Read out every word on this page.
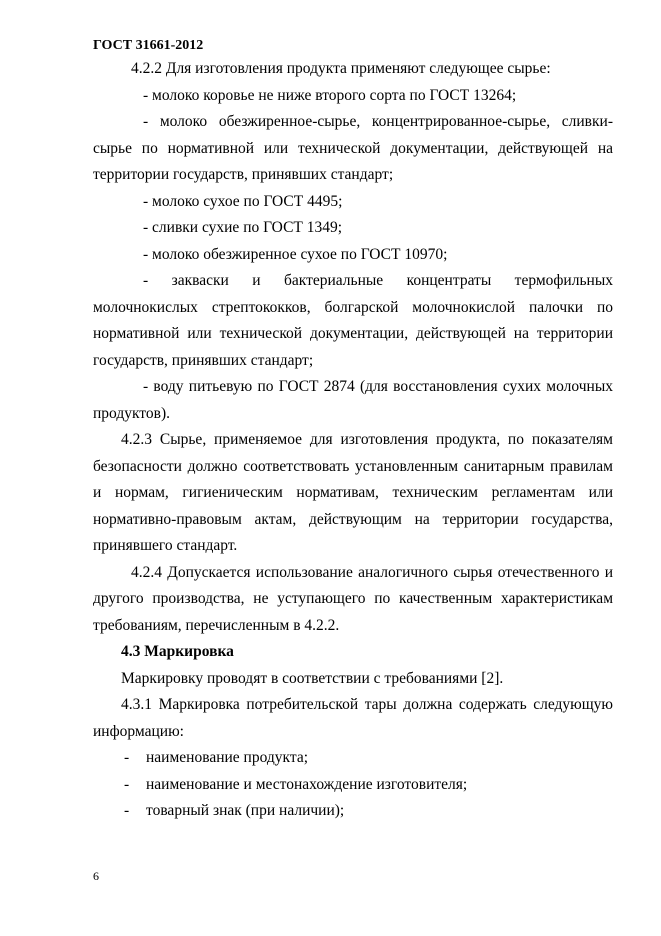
ГОСТ 31661-2012

4.2.2 Для изготовления продукта применяют следующее сырье:

- молоко коровье не ниже второго сорта по ГОСТ 13264;

- молоко обезжиренное-сырье, концентрированное-сырье, сливки-сырье по нормативной или технической документации, действующей на территории государств, принявших стандарт;

- молоко сухое по ГОСТ 4495;

- сливки сухие по ГОСТ 1349;

- молоко обезжиренное сухое по ГОСТ 10970;

- закваски и бактериальные концентраты термофильных молочнокислых стрептококков, болгарской молочнокислой палочки по нормативной или технической документации, действующей на территории государств, принявших стандарт;

- воду питьевую по ГОСТ 2874 (для восстановления сухих молочных продуктов).

4.2.3 Сырье, применяемое для изготовления продукта, по показателям безопасности должно соответствовать установленным санитарным правилам и нормам, гигиеническим нормативам, техническим регламентам или нормативно-правовым актам, действующим на территории государства, принявшего стандарт.

4.2.4 Допускается использование аналогичного сырья отечественного и другого производства, не уступающего по качественным характеристикам требованиям, перечисленным в 4.2.2.

4.3 Маркировка

Маркировку проводят в соответствии с требованиями [2].

4.3.1 Маркировка потребительской тары должна содержать следующую информацию:

-	наименование продукта;
-	наименование и местонахождение изготовителя;
-	товарный знак (при наличии);
6
